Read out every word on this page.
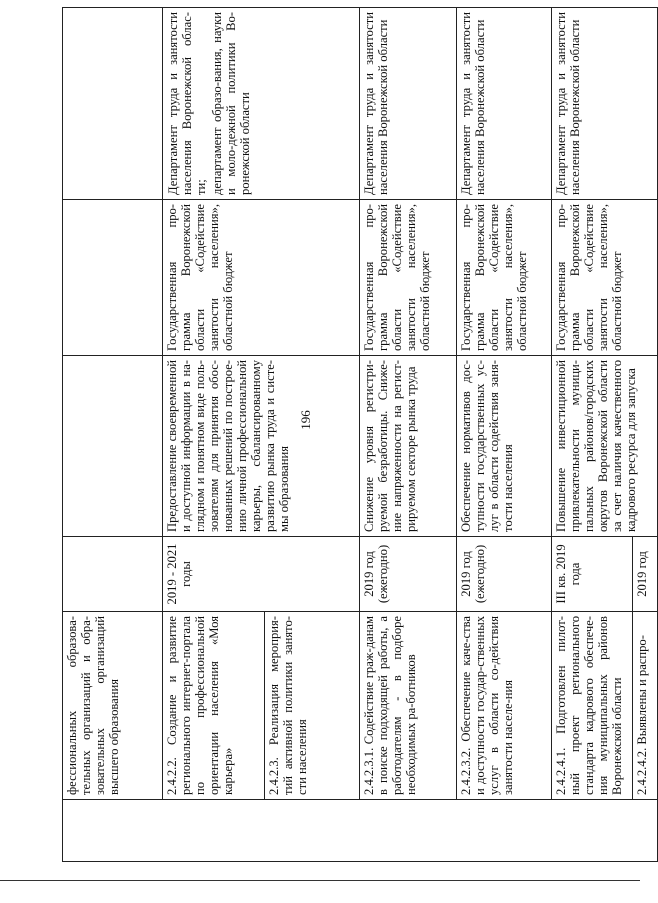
196
	фессиональных образова-тельных организаций и обра-зовательных организаций высшего образования				
	2.4.2.2. Создание и развитие регионального интернет-портала по профессиональной ориентации населения «Моя карьера»	2019 - 2021 годы	Предоставление своевременной и доступной информации в на-глядном и понятном виде поль-зователям для принятия обос-нованных решений по построе-нию личной профессиональной карьеры, сбалансированному развитию рынка труда и систе-мы образования	Государственная про-грамма Воронежской области «Содействие занятости населения», областной бюджет	Департамент труда и занятости населения Воронежской облас-ти; департамент образо-вания, науки и моло-дежной политики Во-ронежской области

	2.4.2.3. Реализация мероприя-тий активной политики занято-сти населения				
	2.4.2.3.1. Содействие граж-данам в поиске подходящей работы, а работодателям - в подборе необходимых ра-ботников	2019 год (ежегодно)	Снижение уровня регистри-руемой безработицы. Сниже-ние напряженности на регист-рируемом секторе рынка труда	Государственная про-грамма Воронежской области «Содействие занятости населения», областной бюджет	Департамент труда и занятости населения Воронежской области
	2.4.2.3.2. Обеспечение каче-ства и доступности государ-ственных услуг в области со-действия занятости населе-ния	2019 год (ежегодно)	Обеспечение нормативов дос-тупности государственных ус-луг в области содействия заня-тости населения	Государственная про-грамма Воронежской области «Содействие занятости населения», областной бюджет	Департамент труда и занятости населения Воронежской области
	2.4.2.4.1. Подготовлен пилот-ный проект регионального стандарта кадрового обеспече-ния муниципальных районов Воронежской области	III кв. 2019 года	Повышение инвестиционной привлекательности муници-пальных районов/городских округов Воронежской области за счет наличия качественного кадрового ресурса для запуска	Государственная про-грамма Воронежской области «Содействие занятости населения», областной бюджет	Департамент труда и занятости населения Воронежской области
	2.4.2.4.2. Выявлены и распро-	2019 год			
